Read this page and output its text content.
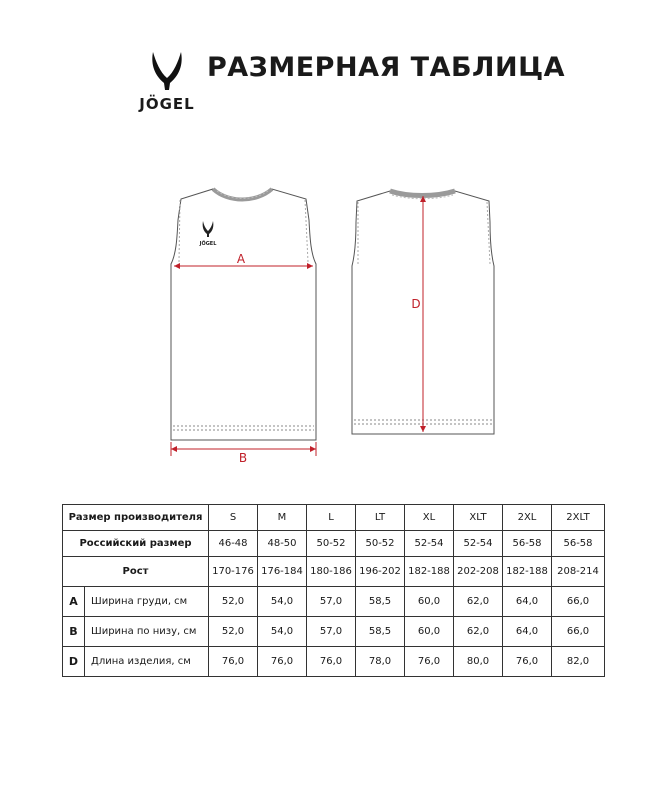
JÖGEL
РАЗМЕРНАЯ ТАБЛИЦА
JÖGEL
A
B
D
Размер производителя		S	M	L	LT	XL	XLT	2XL	2XLT
Российский размер		46-48	48-50	50-52	50-52	52-54	52-54	56-58	56-58
Рост		170-176	176-184	180-186	196-202	182-188	202-208	182-188	208-214
A	Ширина груди, см	52,0	54,0	57,0	58,5	60,0	62,0	64,0	66,0
B	Ширина по низу, см	52,0	54,0	57,0	58,5	60,0	62,0	64,0	66,0
D	Длина изделия, см	76,0	76,0	76,0	78,0	76,0	80,0	76,0	82,0
